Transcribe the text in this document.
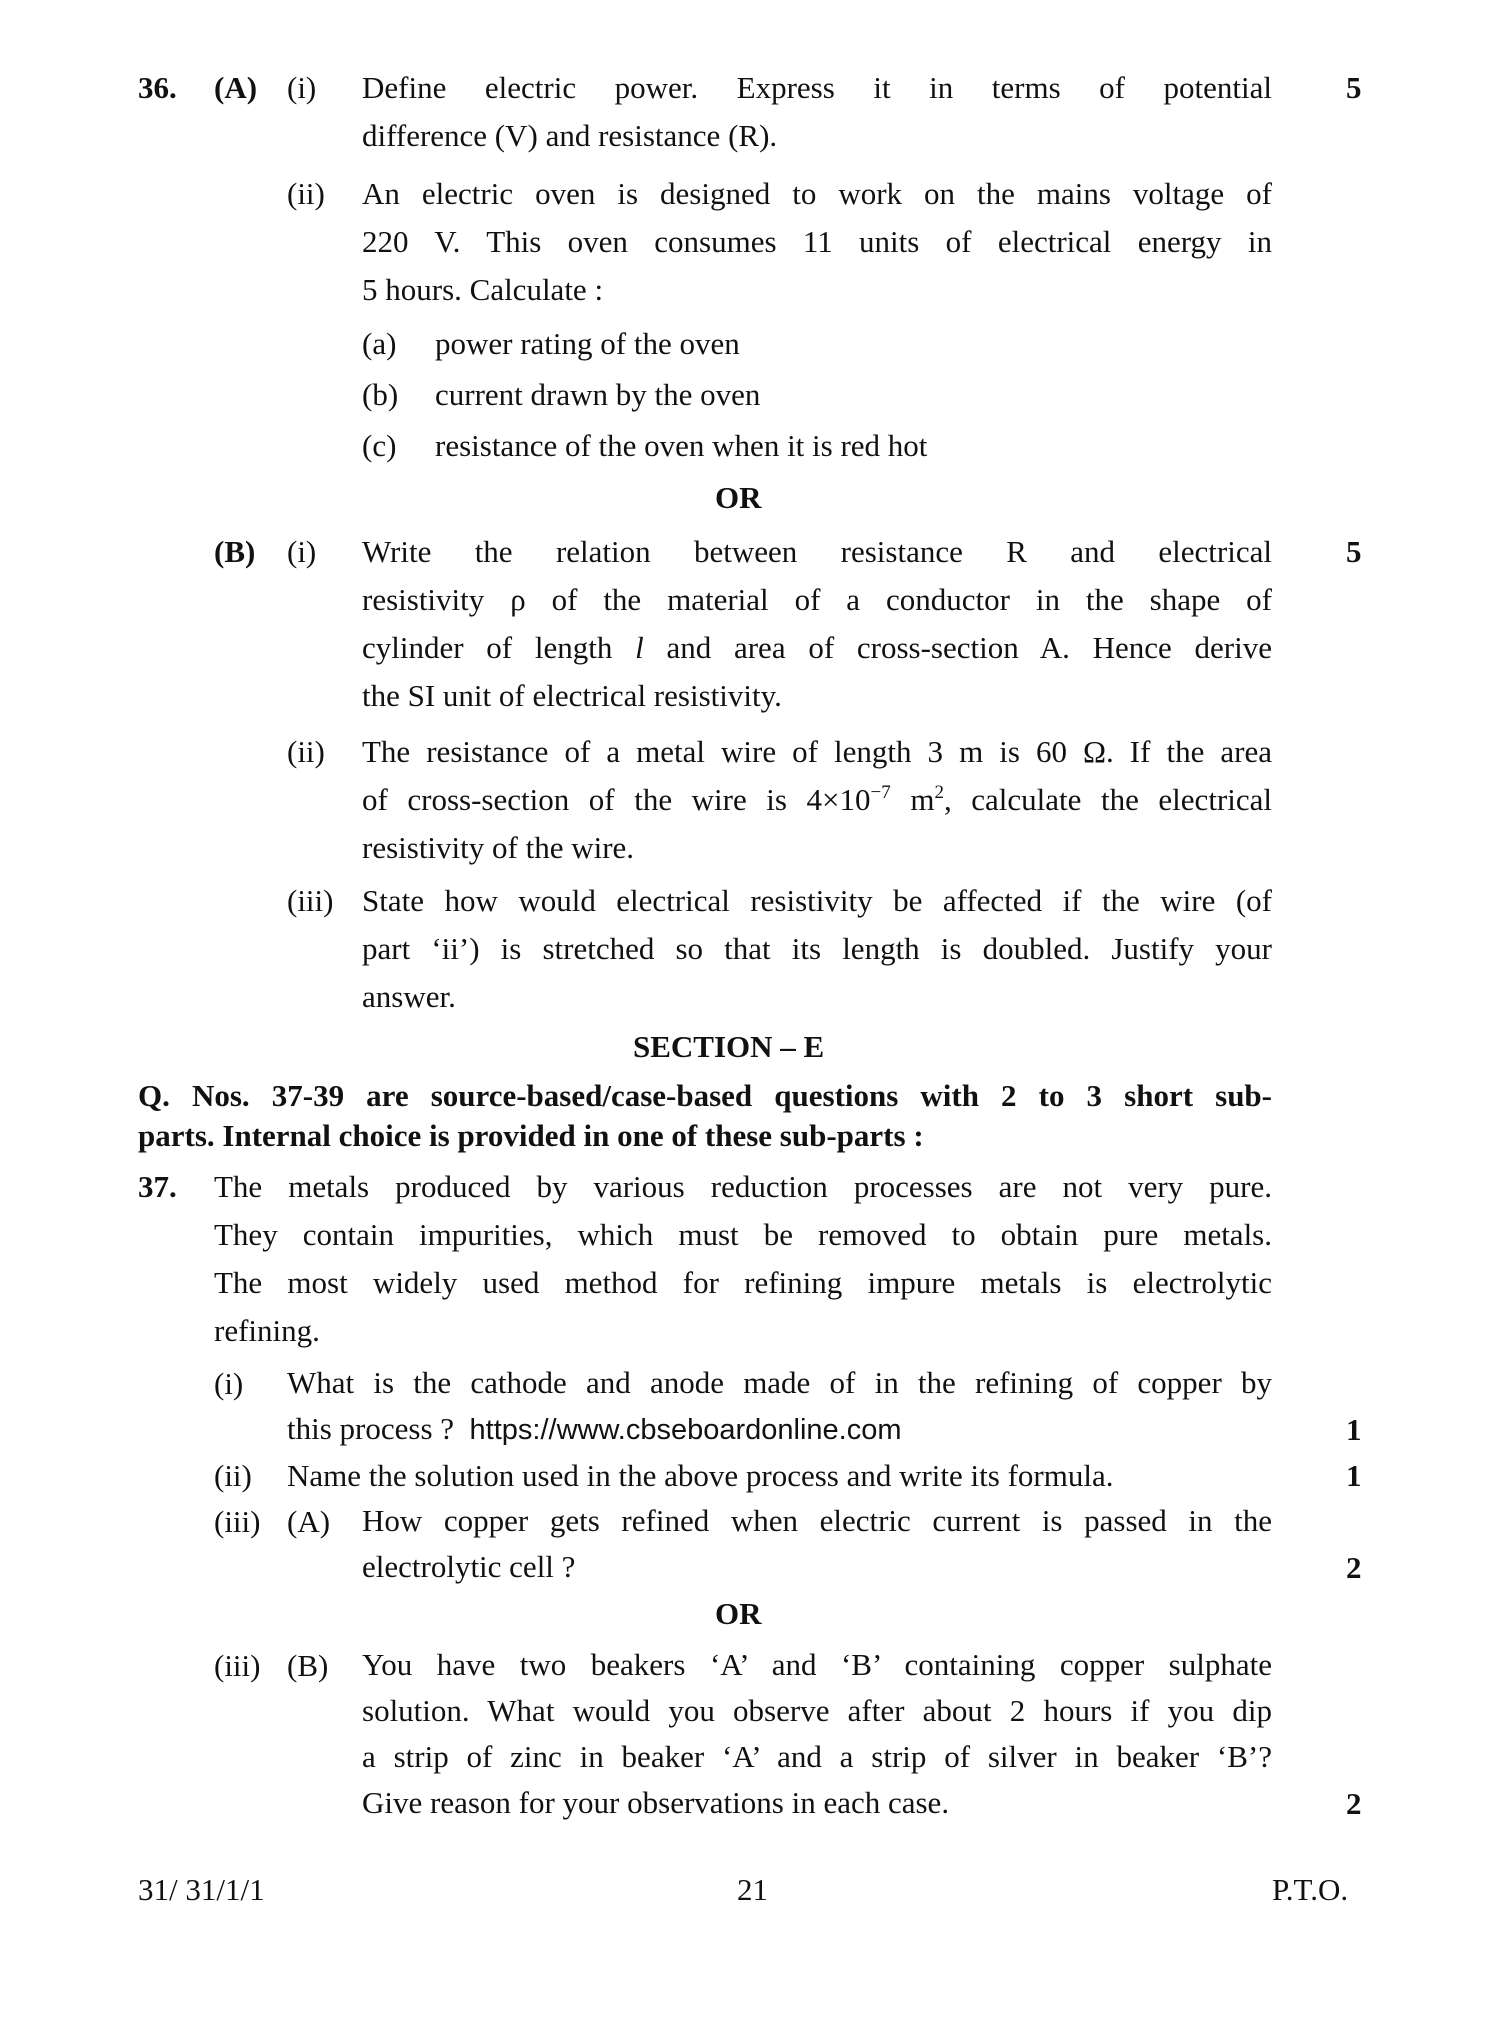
36. (A) (i) Define electric power. Express it in terms of potential
difference (V) and resistance (R).
5
(ii) An electric oven is designed to work on the mains voltage of
220 V. This oven consumes 11 units of electrical energy in
5 hours. Calculate :
(a) power rating of the oven
(b) current drawn by the oven
(c) resistance of the oven when it is red hot
OR
(B) (i) Write the relation between resistance R and electrical
resistivity ρ of the material of a conductor in the shape of
cylinder of length l and area of cross-section A. Hence derive
the SI unit of electrical resistivity.
5
(ii) The resistance of a metal wire of length 3 m is 60 Ω. If the area
of cross-section of the wire is $4\times 10^{-7}$ $m^2$, calculate the electrical
resistivity of the wire.
(iii) State how would electrical resistivity be affected if the wire (of
part ‘ii’) is stretched so that its length is doubled. Justify your
answer.
SECTION – E
Q. Nos. 37-39 are source-based/case-based questions with 2 to 3 short sub-
parts. Internal choice is provided in one of these sub-parts :
37. The metals produced by various reduction processes are not very pure.
They contain impurities, which must be removed to obtain pure metals.
The most widely used method for refining impure metals is electrolytic
refining.
(i) What is the cathode and anode made of in the refining of copper by
this process ? https://www.cbseboardonline.com	1
(ii) Name the solution used in the above process and write its formula.	1
(iii) (A) How copper gets refined when electric current is passed in the
electrolytic cell ?	2
OR
(iii) (B) You have two beakers ‘A’ and ‘B’ containing copper sulphate
solution. What would you observe after about 2 hours if you dip
a strip of zinc in beaker ‘A’ and a strip of silver in beaker ‘B’?
Give reason for your observations in each case.	2
31/ 31/1/1	21	P.T.O.
